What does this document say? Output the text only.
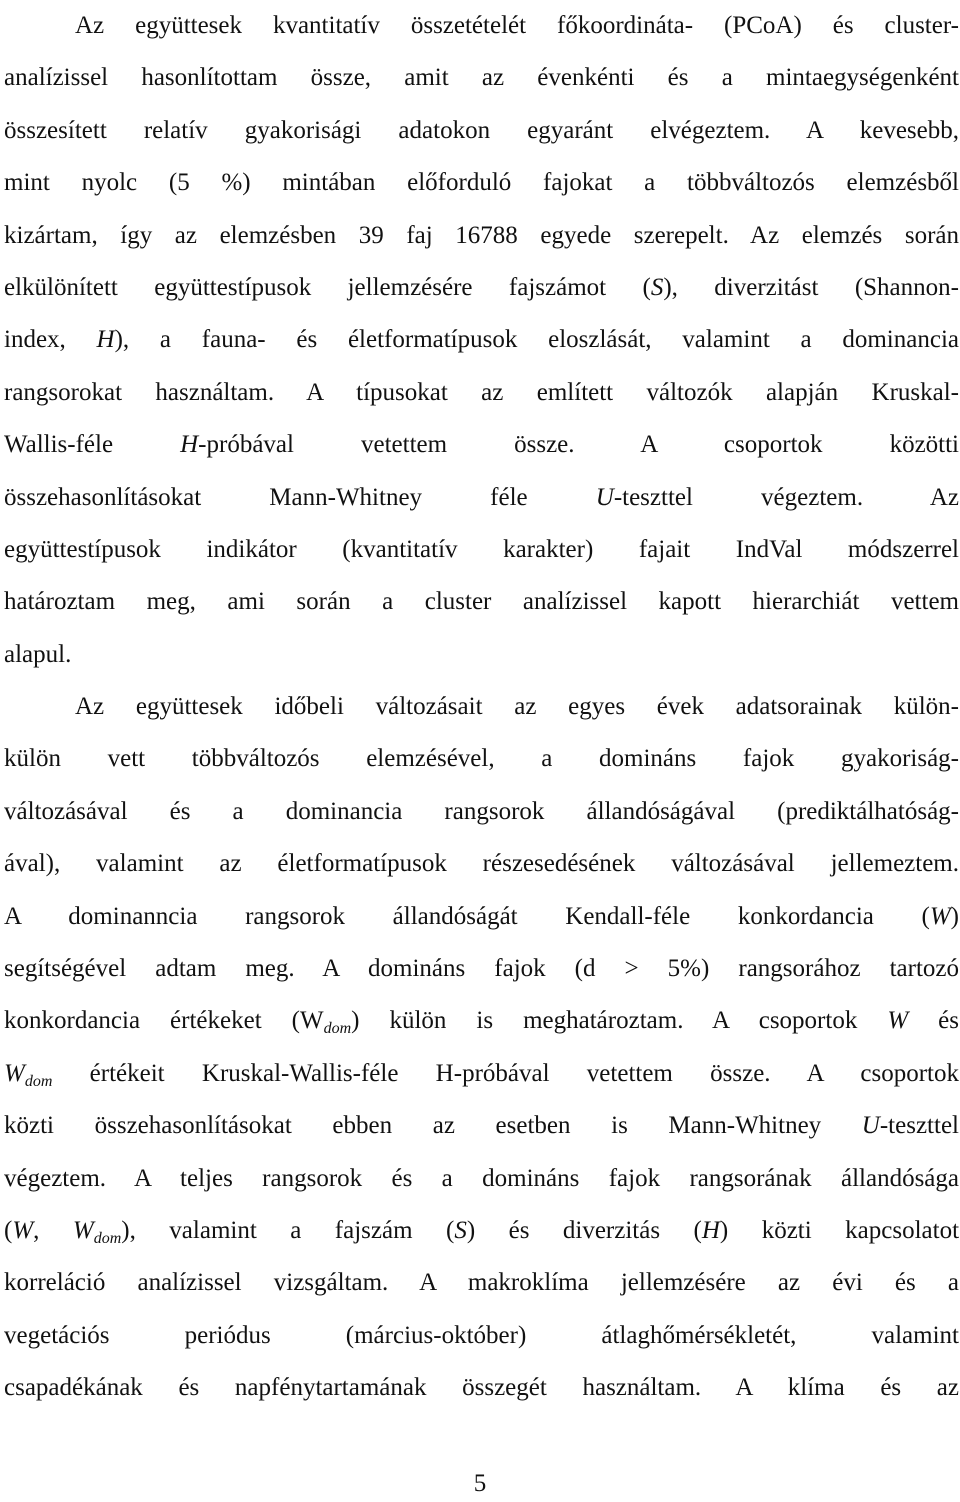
Az együttesek kvantitatív összetételét főkoordináta- (PCoA) és cluster-
analízissel hasonlítottam össze, amit az évenkénti és a mintaegységenként
összesített relatív gyakorisági adatokon egyaránt elvégeztem. A kevesebb,
mint nyolc (5 %) mintában előforduló fajokat a többváltozós elemzésből
kizártam, így az elemzésben 39 faj 16788 egyede szerepelt. Az elemzés során
elkülönített együttestípusok jellemzésére fajszámot (S), diverzitást (Shannon-
index, H), a fauna- és életformatípusok eloszlását, valamint a dominancia
rangsorokat használtam. A típusokat az említett változók alapján Kruskal-
Wallis-féle H-próbával vetettem össze. A csoportok közötti
összehasonlításokat Mann-Whitney féle U-teszttel végeztem. Az
együttestípusok indikátor (kvantitatív karakter) fajait IndVal módszerrel
határoztam meg, ami során a cluster analízissel kapott hierarchiát vettem
alapul.
Az együttesek időbeli változásait az egyes évek adatsorainak külön-
külön vett többváltozós elemzésével, a domináns fajok gyakoriság-
változásával és a dominancia rangsorok állandóságával (prediktálhatóság-
ával), valamint az életformatípusok részesedésének változásával jellemeztem.
A dominanncia rangsorok állandóságát Kendall-féle konkordancia (W)
segítségével adtam meg. A domináns fajok (d > 5%) rangsorához tartozó
konkordancia értékeket $(W_{dom})$ külön is meghatároztam. A csoportok W és
$W_{dom}$ értékeit Kruskal-Wallis-féle H-próbával vetettem össze. A csoportok
közti összehasonlításokat ebben az esetben is Mann-Whitney U-teszttel
végeztem. A teljes rangsorok és a domináns fajok rangsorának állandósága
(W, $W_{dom}$), valamint a fajszám (S) és diverzitás (H) közti kapcsolatot
korreláció analízissel vizsgáltam. A makroklíma jellemzésére az évi és a
vegetációs periódus (március-október) átlaghőmérsékletét, valamint
csapadékának és napfénytartamának összegét használtam. A klíma és az
5
